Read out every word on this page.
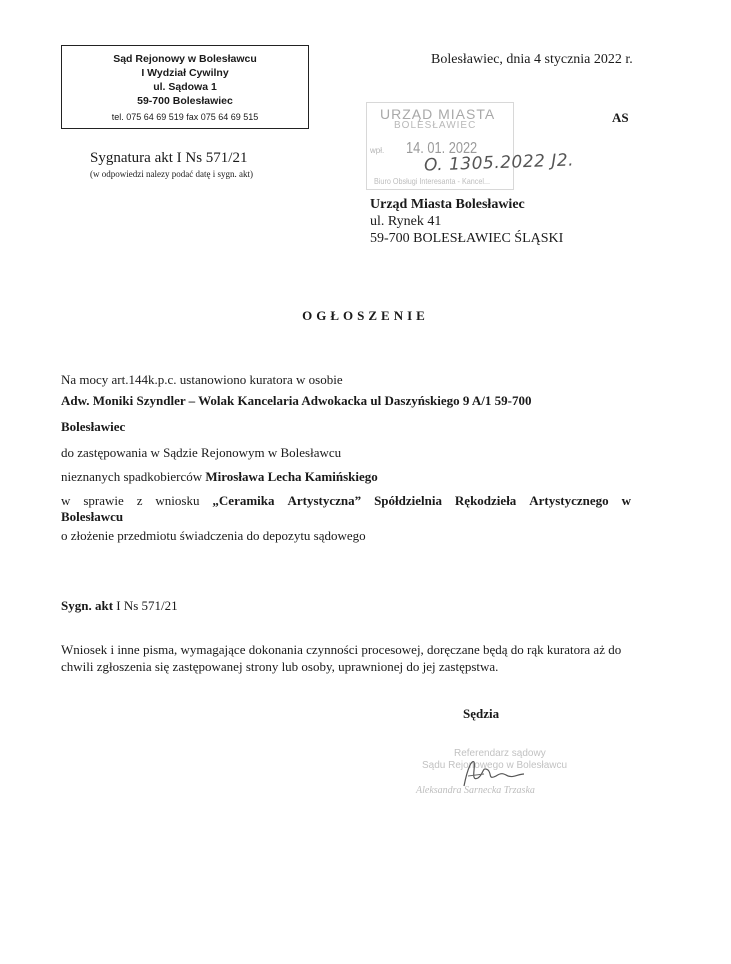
Sąd Rejonowy w Bolesławcu
I Wydział Cywilny
ul. Sądowa 1
59-700 Bolesławiec
tel. 075 64 69 519 fax 075 64 69 515
Bolesławiec, dnia 4 stycznia 2022 r.
AS
Sygnatura akt I Ns 571/21
(w odpowiedzi nalezy podać datę i sygn. akt)
URZĄD MIASTA
BOLESŁAWIEC
wpł. 14. 01. 2022
Biuro Obsługi Interesanta - Kancel...
O. 1305.2022 J2.
Urząd Miasta Bolesławiec
ul. Rynek 41
59-700 BOLESŁAWIEC ŚLĄSKI
OGŁOSZENIE
Na mocy art.144k.p.c. ustanowiono kuratora w osobie
Adw. Moniki Szyndler – Wolak Kancelaria Adwokacka ul Daszyńskiego 9 A/1 59-700
Bolesławiec
do zastępowania w Sądzie Rejonowym w Bolesławcu
nieznanych spadkobierców Mirosława Lecha Kamińskiego
w sprawie z wniosku „Ceramika Artystyczna” Spółdzielnia Rękodzieła Artystycznego w
Bolesławcu
o złożenie przedmiotu świadczenia do depozytu sądowego
Sygn. akt I Ns 571/21
Wniosek i inne pisma, wymagające dokonania czynności procesowej, doręczane będą do rąk kuratora aż do chwili zgłoszenia się zastępowanej strony lub osoby, uprawnionej do jej zastępstwa.
Sędzia
Referendarz sądowy
Sądu Rejonowego w Bolesławcu
Aleksandra Sarnecka Trzaska
